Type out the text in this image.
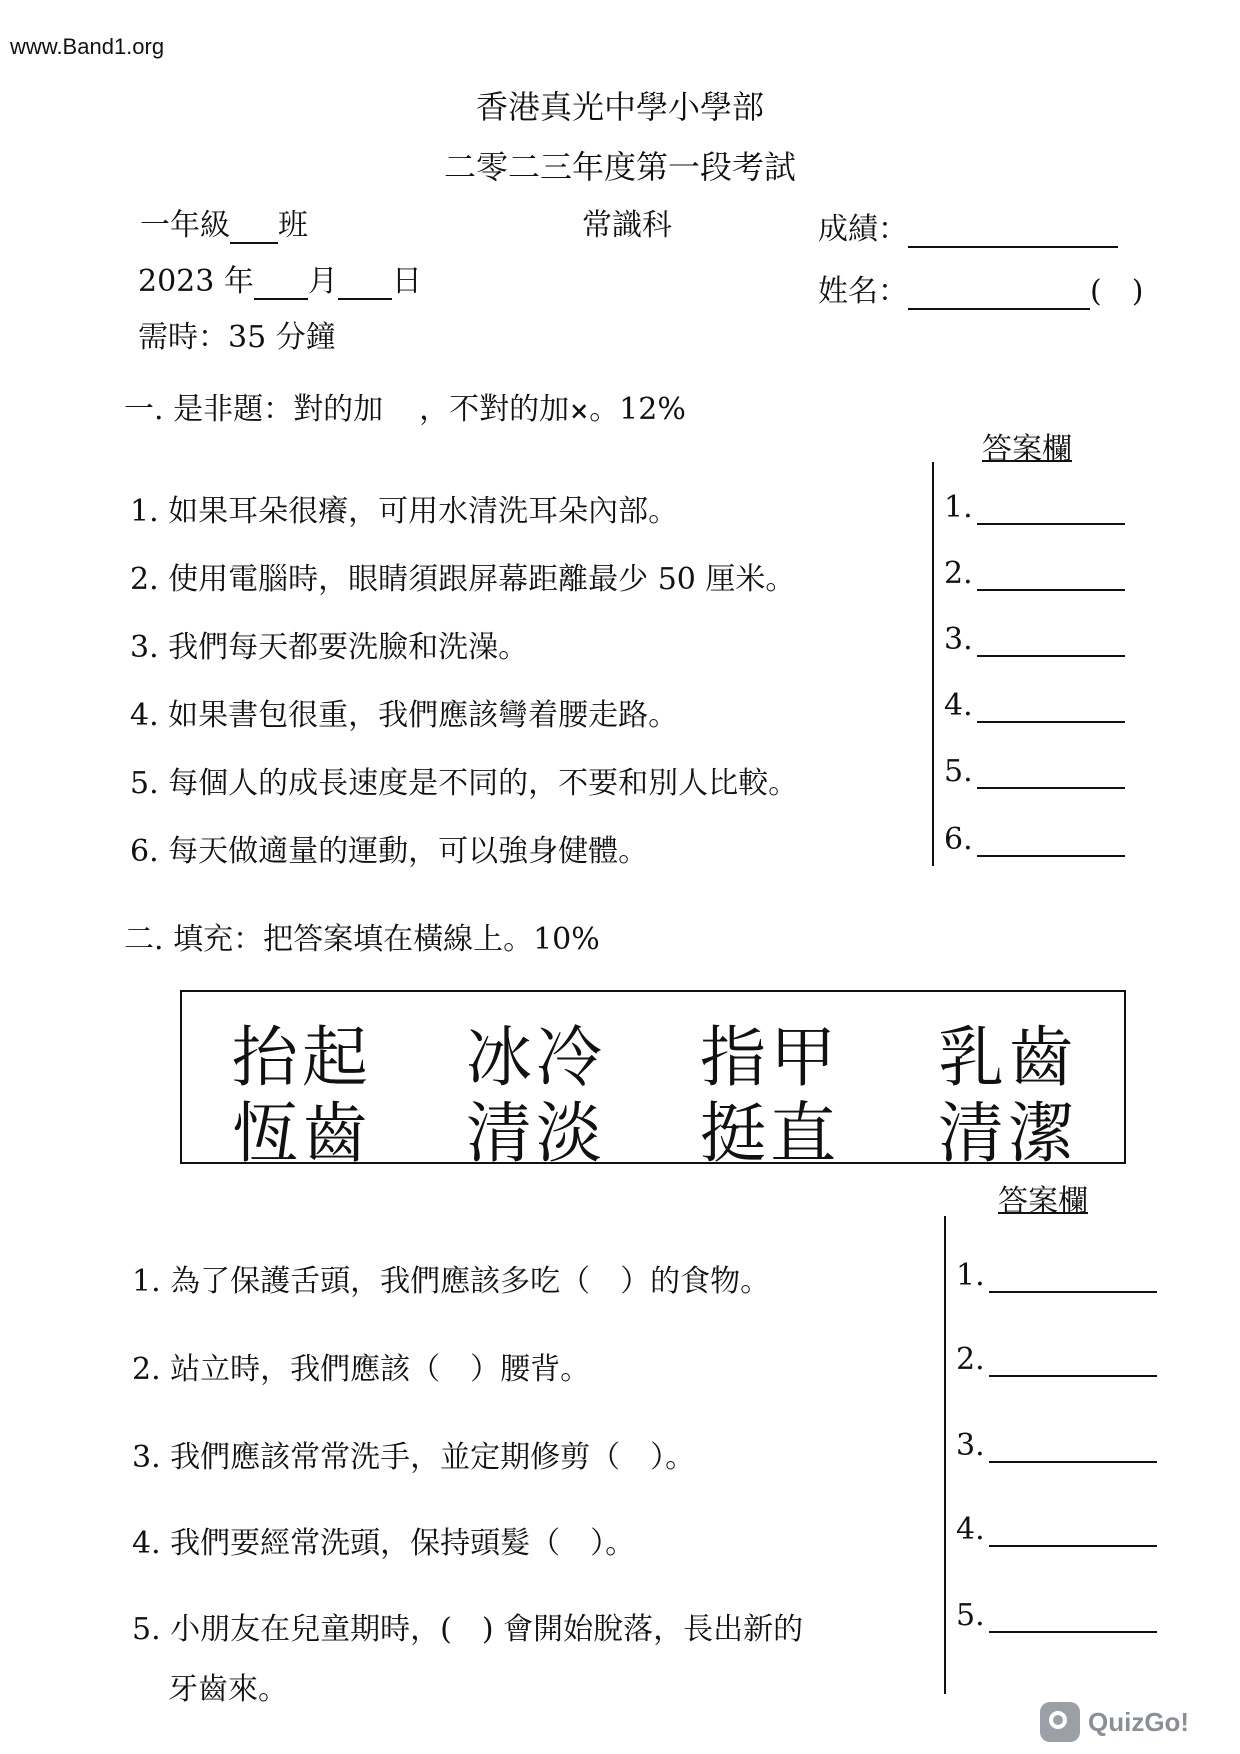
www.Band1.org
香港真光中學小學部
二零二三年度第一段考試
一年級 班	常識科	成績：
2023 年 月 日	姓名：	(　)
需時：35 分鐘
一. 是非題：對的加 ，不對的加×。12%
答案欄
1. 如果耳朵很癢，可用水清洗耳朵內部。
2. 使用電腦時，眼睛須跟屏幕距離最少 50 厘米。
3. 我們每天都要洗臉和洗澡。
4. 如果書包很重，我們應該彎着腰走路。
5. 每個人的成長速度是不同的，不要和別人比較。
6. 每天做適量的運動，可以強身健體。
1.
2.
3.
4.
5.
6.
二. 填充：把答案填在橫線上。10%
抬起 冰冷 指甲 乳齒
恆齒 清淡 挺直 清潔
答案欄
1. 為了保護舌頭，我們應該多吃（　）的食物。
2. 站立時，我們應該（　）腰背。
3. 我們應該常常洗手，並定期修剪（　）。
4. 我們要經常洗頭，保持頭髮（　）。
5. 小朋友在兒童期時，(　) 會開始脫落，長出新的
牙齒來。
1.
2.
3.
4.
5.
QuizGo!
